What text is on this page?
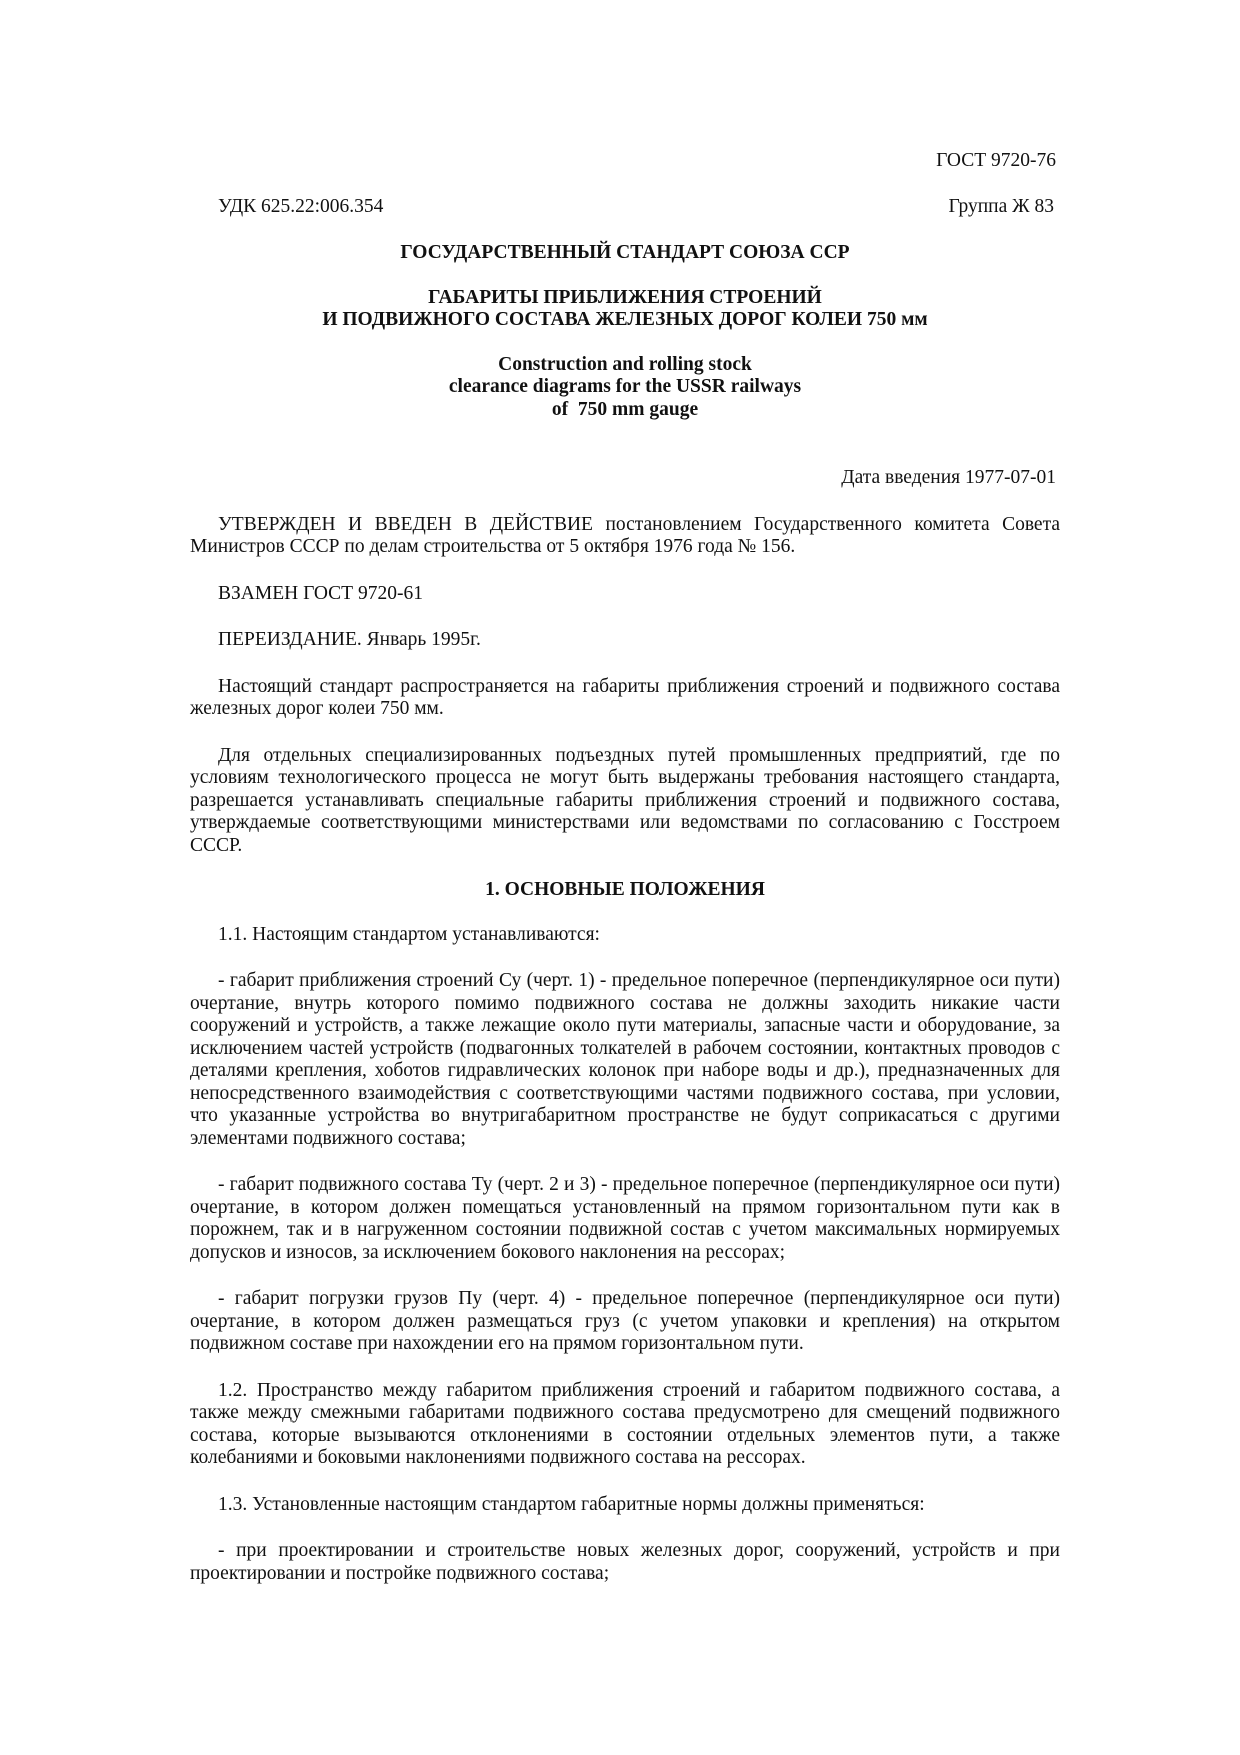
ГОСТ 9720-76

УДК 625.22:006.354	Группа Ж 83

ГОСУДАРСТВЕННЫЙ СТАНДАРТ СОЮЗА ССР

ГАБАРИТЫ ПРИБЛИЖЕНИЯ СТРОЕНИЙ
И ПОДВИЖНОГО СОСТАВА ЖЕЛЕЗНЫХ ДОРОГ КОЛЕИ 750 мм
Construction and rolling stock
clearance diagrams for the USSR railways
of  750 mm gauge

Дата введения 1977-07-01

УТВЕРЖДЕН И ВВЕДЕН В ДЕЙСТВИЕ постановлением Государственного комитета Совета Министров СССР по делам строительства от 5 октября 1976 года № 156.

ВЗАМЕН ГОСТ 9720-61

ПЕРЕИЗДАНИЕ. Январь 1995г.

Настоящий стандарт распространяется на габариты приближения строений и подвижного состава железных дорог колеи 750 мм.

Для отдельных специализированных подъездных путей промышленных предприятий, где по условиям технологического процесса не могут быть выдержаны требования настоящего стандарта, разрешается устанавливать специальные габариты приближения строений и подвижного состава, утверждаемые соответствующими министерствами или ведомствами по согласованию с Госстроем СССР.

1. ОСНОВНЫЕ ПОЛОЖЕНИЯ

1.1. Настоящим стандартом устанавливаются:

- габарит приближения строений Су (черт. 1) - предельное поперечное (перпендикулярное оси пути) очертание, внутрь которого помимо подвижного состава не должны заходить никакие части сооружений и устройств, а также лежащие около пути материалы, запасные части и оборудование, за исключением частей устройств (подвагонных толкателей в рабочем состоянии, контактных проводов с деталями крепления, хоботов гидравлических колонок при наборе воды и др.), предназначенных для непосредственного взаимодействия с соответствующими частями подвижного состава, при условии, что указанные устройства во внутригабаритном пространстве не будут соприкасаться с другими элементами подвижного состава;

- габарит подвижного состава Ту (черт. 2 и 3) - предельное поперечное (перпендикулярное оси пути) очертание, в котором должен помещаться установленный на прямом горизонтальном пути как в порожнем, так и в нагруженном состоянии подвижной состав с учетом максимальных нормируемых допусков и износов, за исключением бокового наклонения на рессорах;

- габарит погрузки грузов Пу (черт. 4) - предельное поперечное (перпендикулярное оси пути) очертание, в котором должен размещаться груз (с учетом упаковки и крепления) на открытом подвижном составе при нахождении его на прямом горизонтальном пути.

1.2. Пространство между габаритом приближения строений и габаритом подвижного состава, а также между смежными габаритами подвижного состава предусмотрено для смещений подвижного состава, которые вызываются отклонениями в состоянии отдельных элементов пути, а также колебаниями и боковыми наклонениями подвижного состава на рессорах.

1.3. Установленные настоящим стандартом габаритные нормы должны применяться:

- при проектировании и строительстве новых железных дорог, сооружений, устройств и при проектировании и постройке подвижного состава;
